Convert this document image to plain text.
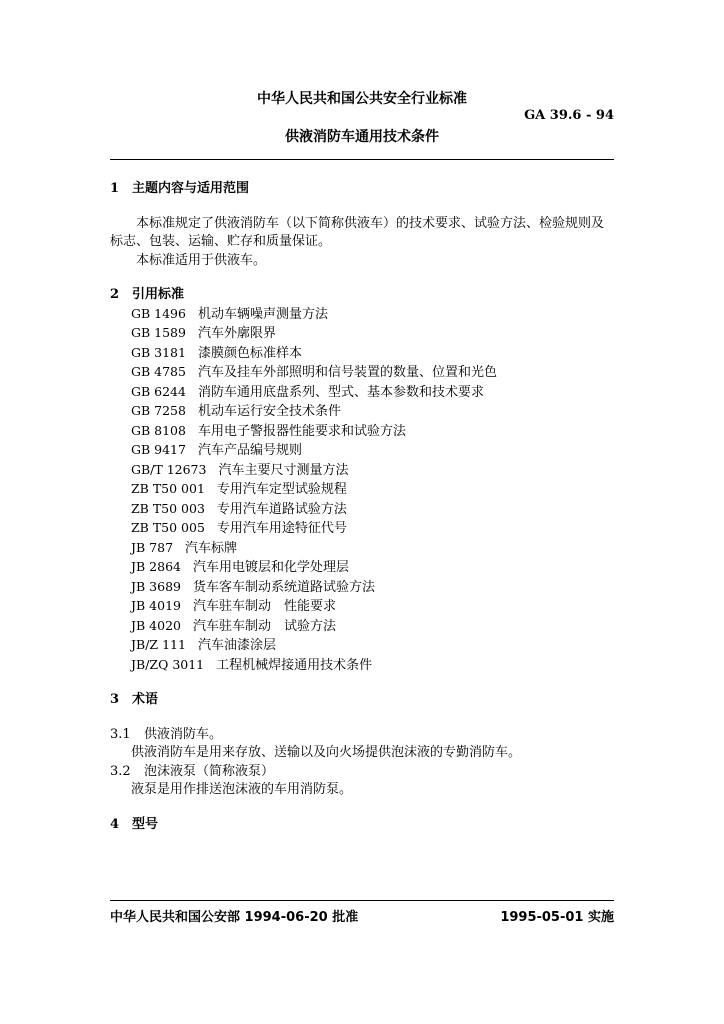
中华人民共和国公共安全行业标准
GA 39.6 - 94
供液消防车通用技术条件

1 主题内容与适用范围

本标准规定了供液消防车（以下简称供液车）的技术要求、试验方法、检验规则及标志、包装、运输、贮存和质量保证。

本标准适用于供液车。

2 引用标准

GB 1496 机动车辆噪声测量方法
GB 1589 汽车外廓限界
GB 3181 漆膜颜色标准样本
GB 4785 汽车及挂车外部照明和信号装置的数量、位置和光色
GB 6244 消防车通用底盘系列、型式、基本参数和技术要求
GB 7258 机动车运行安全技术条件
GB 8108 车用电子警报器性能要求和试验方法
GB 9417 汽车产品编号规则
GB/T 12673 汽车主要尺寸测量方法
ZB T50 001 专用汽车定型试验规程
ZB T50 003 专用汽车道路试验方法
ZB T50 005 专用汽车用途特征代号
JB 787 汽车标牌
JB 2864 汽车用电镀层和化学处理层
JB 3689 货车客车制动系统道路试验方法
JB 4019 汽车驻车制动　性能要求
JB 4020 汽车驻车制动　试验方法
JB/Z 111 汽车油漆涂层
JB/ZQ 3011 工程机械焊接通用技术条件

3 术语

3.1 供液消防车。

供液消防车是用来存放、送输以及向火场提供泡沫液的专勤消防车。

3.2 泡沫液泵（简称液泵）

液泵是用作排送泡沫液的车用消防泵。

4 型号

中华人民共和国公安部 1994-06-20 批准	1995-05-01 实施
